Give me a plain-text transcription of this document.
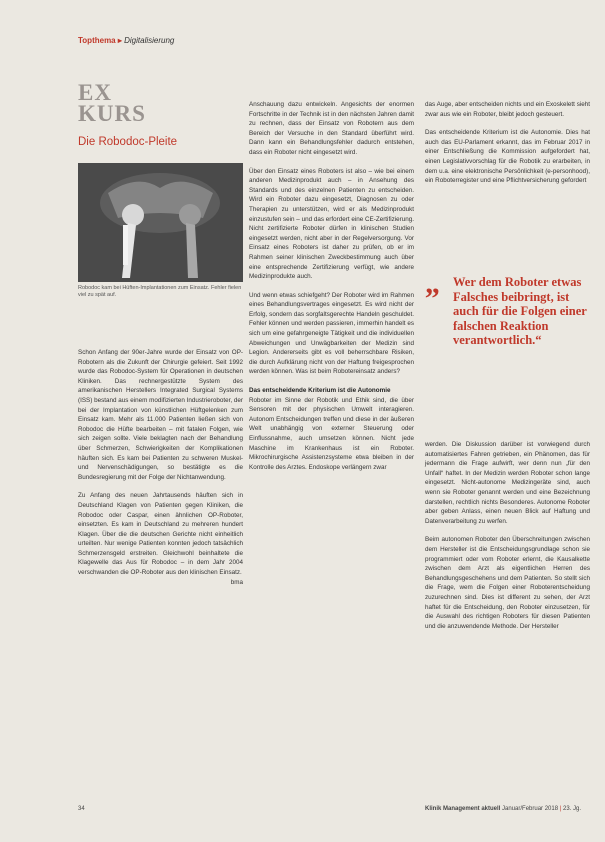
Topthema ▸ Digitalisierung
EX
KURS
Die Robodoc-Pleite
Robodoc kam bei Hüften-Implantationen zum Einsatz. Fehler fielen viel zu spät auf.

Schon Anfang der 90er-Jahre wurde der Einsatz von OP-Robotern als die Zukunft der Chirurgie gefeiert. Seit 1992 wurde das Robodoc-System für Operationen in deutschen Kliniken. Das rechnergestützte System des amerikanischen Herstellers Integrated Surgical Systems (ISS) bestand aus einem modifizierten Industrieroboter, der bei der Implantation von künstlichen Hüftgelenken zum Einsatz kam. Mehr als 11.000 Patienten ließen sich von Robodoc die Hüfte bearbeiten – mit fatalen Folgen, wie sich zeigen sollte. Viele beklagten nach der Behandlung über Schmerzen, Schwierigkeiten der Komplikationen häuften sich. Es kam bei Patienten zu schweren Muskel- und Nervenschädigungen, so bestätigte es die Bundesregierung mit der Folge der Nichtanwendung.

Zu Anfang des neuen Jahrtausends häuften sich in Deutschland Klagen von Patienten gegen Kliniken, die Robodoc oder Caspar, einen ähnlichen OP-Roboter, einsetzten. Es kam in Deutschland zu mehreren hundert Klagen. Über die die deutschen Gerichte nicht einheitlich urteilten. Nur wenige Patienten konnten jedoch tatsächlich Schmerzensgeld erstreiten. Gleichwohl beinhaltete die Klagewelle das Aus für Robodoc – in dem Jahr 2004 verschwanden die OP-Roboter aus den klinischen Einsatz.
bma

Anschauung dazu entwickeln. Angesichts der enormen Fortschritte in der Technik ist in den nächsten Jahren damit zu rechnen, dass der Einsatz von Robotern aus dem Bereich der Versuche in den Standard überführt wird. Dann kann ein Behandlungsfehler dadurch entstehen, dass ein Roboter nicht eingesetzt wird.

Über den Einsatz eines Roboters ist also – wie bei einem anderen Medizinprodukt auch – in Ansehung des Standards und des einzelnen Patienten zu entscheiden. Wird ein Roboter dazu eingesetzt, Diagnosen zu oder Therapien zu unterstützen, wird er als Medizinprodukt einzustufen sein – und das erfordert eine CE-Zertifizierung. Nicht zertifizierte Roboter dürfen in klinischen Studien eingesetzt werden, nicht aber in der Regelversorgung. Vor Einsatz eines Roboters ist daher zu prüfen, ob er im Rahmen seiner klinischen Zweckbestimmung auch über eine entsprechende Zertifizierung verfügt, wie andere Medizinprodukte auch.

Und wenn etwas schiefgeht? Der Roboter wird im Rahmen eines Behandlungsvertrages eingesetzt. Es wird nicht der Erfolg, sondern das sorgfaltsgerechte Handeln geschuldet. Fehler können und werden passieren, immerhin handelt es sich um eine gefahrgeneigte Tätigkeit und die individuellen Abweichungen und Unwägbarkeiten der Medizin sind Legion. Andererseits gibt es voll beherrschbare Risiken, die durch Aufklärung nicht von der Haftung freigesprochen werden können. Was ist beim Robotereinsatz anders?

Das entscheidende Kriterium ist die Autonomie

Roboter im Sinne der Robotik und Ethik sind, die über Sensoren mit der physischen Umwelt interagieren. Autonom Entscheidungen treffen und diese in der äußeren Welt unabhängig von externer Steuerung oder Einflussnahme, auch umsetzen können. Nicht jede Maschine im Krankenhaus ist ein Roboter. Mikrochirurgische Assistenzsysteme etwa bleiben in der Kontrolle des Arztes. Endoskope verlängern zwar

das Auge, aber entscheiden nichts und ein Exoskelett sieht zwar aus wie ein Roboter, bleibt jedoch gesteuert.

Das entscheidende Kriterium ist die Autonomie. Dies hat auch das EU-Parlament erkannt, das im Februar 2017 in einer Entschließung die Kommission aufgefordert hat, einen Legislativvorschlag für die Robotik zu erarbeiten, in dem u.a. eine elektronische Persönlichkeit (e-personhood), ein Roboterregister und eine Pflichtversicherung gefordert

„ Wer dem Roboter etwas Falsches beibringt, ist auch für die Folgen einer falschen Reaktion verantwortlich.“

werden. Die Diskussion darüber ist vorwiegend durch automatisiertes Fahren getrieben, ein Phänomen, das für jedermann die Frage aufwirft, wer denn nun „für den Unfall“ haftet. In der Medizin werden Roboter schon lange eingesetzt. Nicht-autonome Medizingeräte sind, auch wenn sie Roboter genannt werden und eine Bezeichnung darstellen, rechtlich nichts Besonderes. Autonome Roboter aber geben Anlass, einen neuen Blick auf Haftung und Datenverarbeitung zu werfen.

Beim autonomen Roboter den Überschreitungen zwischen dem Hersteller ist die Entscheidungsgrundlage schon sie programmiert oder vom Roboter erlernt, die Kausalkette zwischen dem Arzt als eigentlichen Herren des Behandlungsgeschehens und dem Patienten. So stellt sich die Frage, wem die Folgen einer Roboterentscheidung zuzurechnen sind. Dies ist different zu sehen, der Arzt haftet für die Entscheidung, den Roboter einzusetzen, für die Auswahl des richtigen Roboters für diesen Patienten und die anzuwendende Methode. Der Hersteller

34	Klinik Management aktuell Januar/Februar 2018 | 23. Jg.
